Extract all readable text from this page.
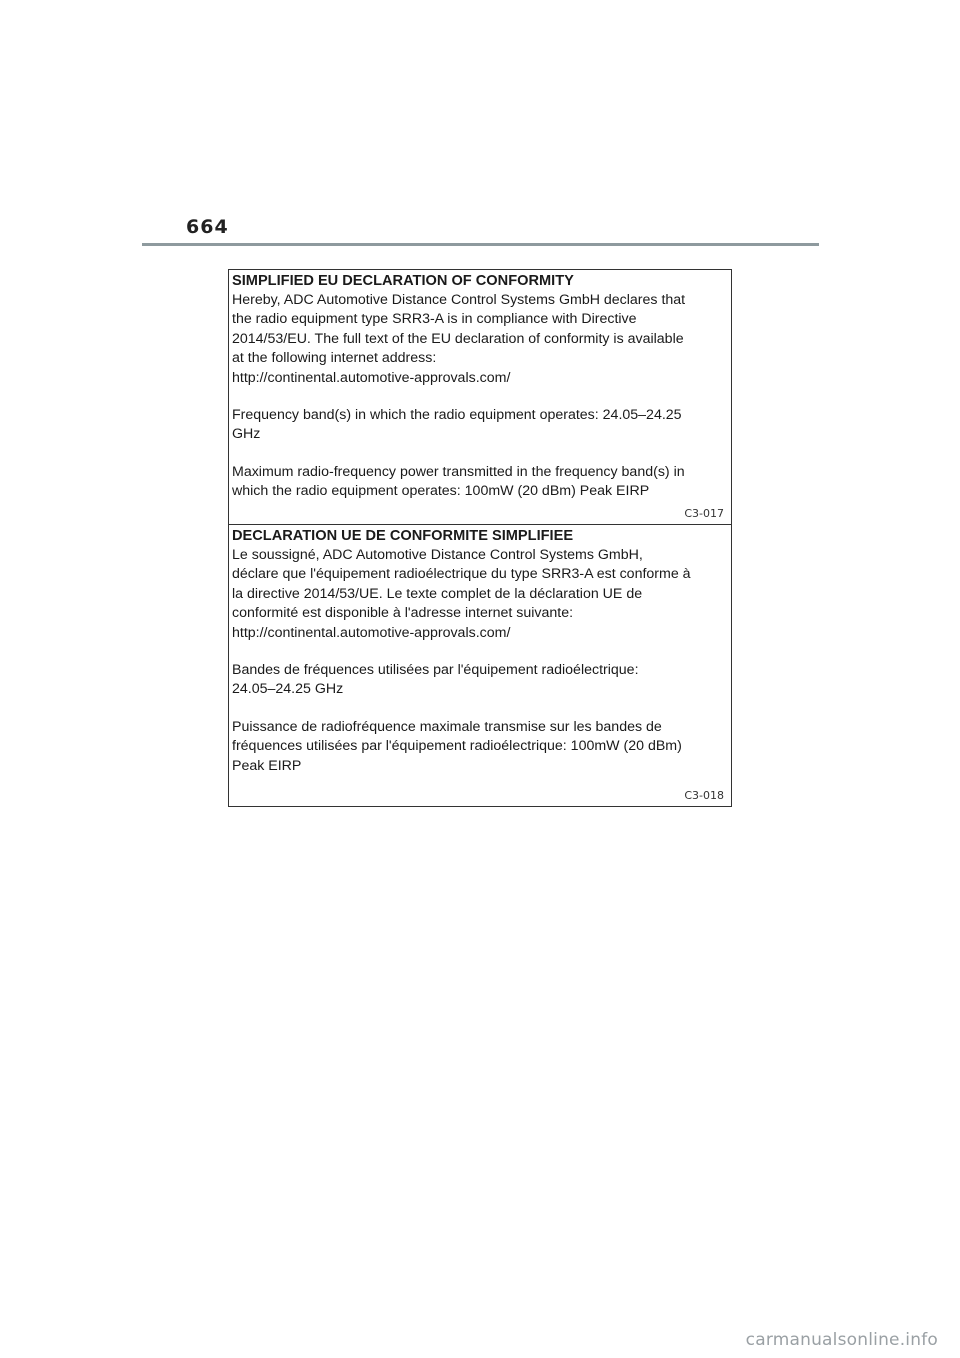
664
SIMPLIFIED EU DECLARATION OF CONFORMITY

Hereby, ADC Automotive Distance Control Systems GmbH declares that
the radio equipment type SRR3-A is in compliance with Directive
2014/53/EU. The full text of the EU declaration of conformity is available
at the following internet address:
http://continental.automotive-approvals.com/

Frequency band(s) in which the radio equipment operates: 24.05–24.25
GHz

Maximum radio-frequency power transmitted in the frequency band(s) in
which the radio equipment operates: 100mW (20 dBm) Peak EIRP

C3-017
DECLARATION UE DE CONFORMITE SIMPLIFIEE

Le soussigné, ADC Automotive Distance Control Systems GmbH,
déclare que l'équipement radioélectrique du type SRR3-A est conforme à
la directive 2014/53/UE. Le texte complet de la déclaration UE de
conformité est disponible à l'adresse internet suivante:
http://continental.automotive-approvals.com/

Bandes de fréquences utilisées par l'équipement radioélectrique:
24.05–24.25 GHz

Puissance de radiofréquence maximale transmise sur les bandes de
fréquences utilisées par l'équipement radioélectrique: 100mW (20 dBm)
Peak EIRP

C3-018
carmanualsonline.info
